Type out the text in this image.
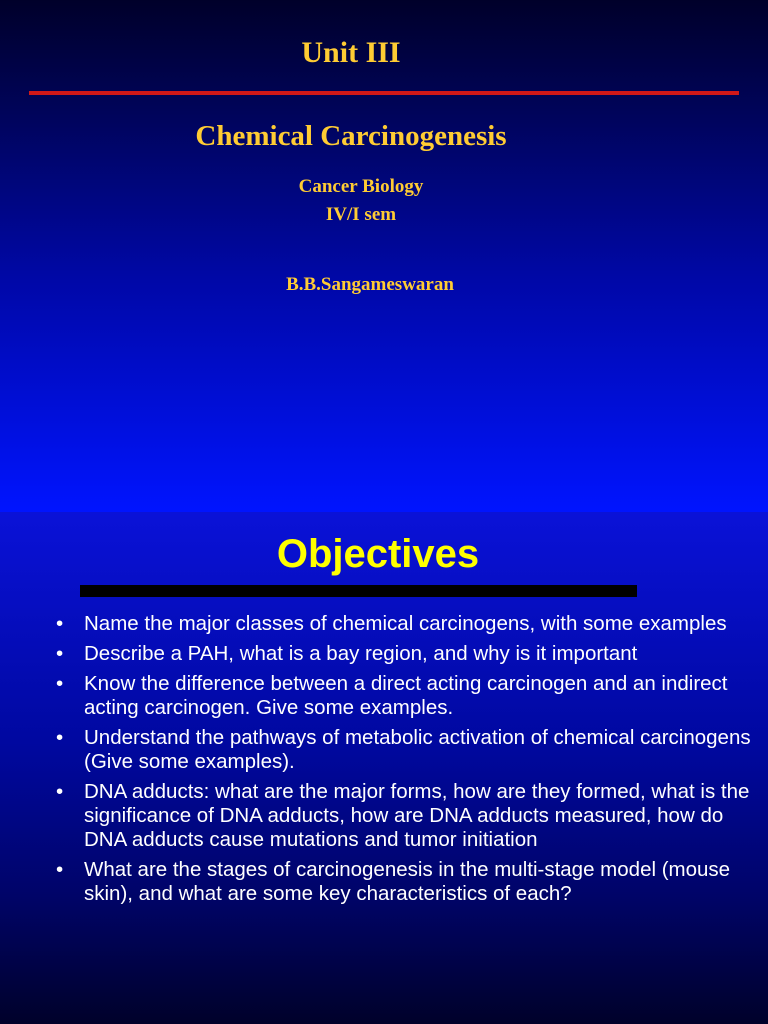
Unit III
Chemical Carcinogenesis
Cancer Biology
IV/I sem
B.B.Sangameswaran
Objectives
• Name the major classes of chemical carcinogens, with some examples
• Describe a PAH, what is a bay region, and why is it important
• Know the difference between a direct acting carcinogen and an indirect acting carcinogen. Give some examples.
• Understand the pathways of metabolic activation of chemical carcinogens (Give some examples).
• DNA adducts: what are the major forms, how are they formed, what is the significance of DNA adducts, how are DNA adducts measured, how do DNA adducts cause mutations and tumor initiation
• What are the stages of carcinogenesis in the multi-stage model (mouse skin), and what are some key characteristics of each?
